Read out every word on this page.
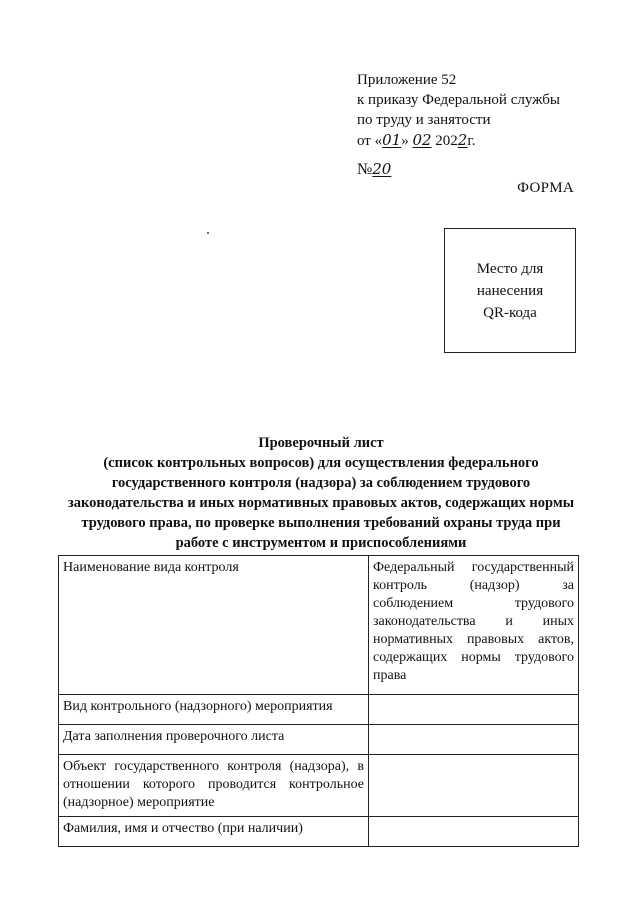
Приложение 52
к приказу Федеральной службы
по труду и занятости
от «01» 02 2022г.
№20
ФОРМА
Место для
нанесения
QR-кода
Проверочный лист
(список контрольных вопросов) для осуществления федерального
государственного контроля (надзора) за соблюдением трудового
законодательства и иных нормативных правовых актов, содержащих нормы
трудового права, по проверке выполнения требований охраны труда при
работе с инструментом и приспособлениями
Наименование вида контроля	Федеральный государственный контроль (надзор) за соблюдением трудового законодательства и иных нормативных правовых актов, содержащих нормы трудового права
Вид контрольного (надзорного) мероприятия	
Дата заполнения проверочного листа	
Объект государственного контроля (надзора), в отношении которого проводится контрольное (надзорное) мероприятие	
Фамилия, имя и отчество (при наличии)	
